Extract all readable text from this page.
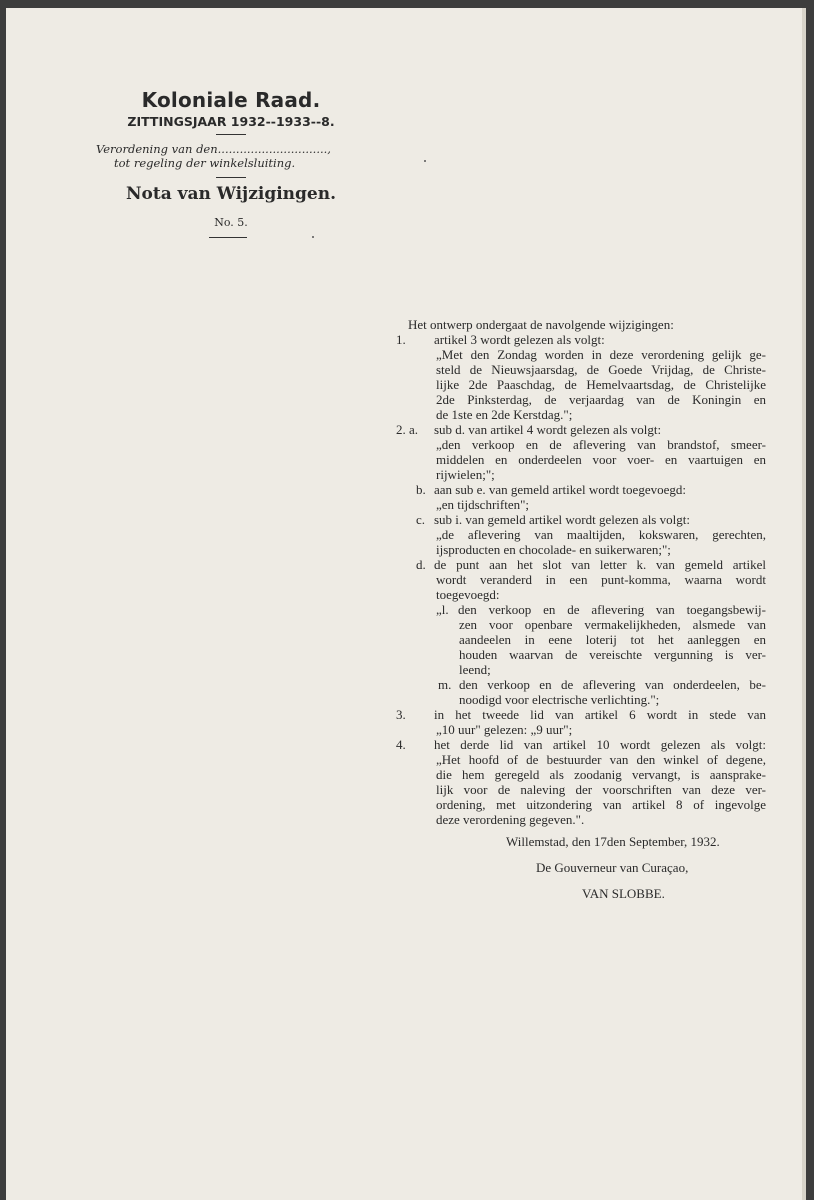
Koloniale Raad.
ZITTINGSJAAR 1932--1933--8.
Verordening van den..............................,
tot regeling der winkelsluiting.
Nota van Wijzigingen.
No. 5.
Het ontwerp ondergaat de navolgende wijzigingen:
1. artikel 3 wordt gelezen als volgt:
„Met den Zondag worden in deze verordening gelijk ge-
steld de Nieuwsjaarsdag, de Goede Vrijdag, de Christe-
lijke 2de Paaschdag, de Hemelvaartsdag, de Christelijke
2de Pinksterdag, de verjaardag van de Koningin en
de 1ste en 2de Kerstdag.";
2. a. sub d. van artikel 4 wordt gelezen als volgt:
„den verkoop en de aflevering van brandstof, smeer-
middelen en onderdeelen voor voer- en vaartuigen en
rijwielen;";
b. aan sub e. van gemeld artikel wordt toegevoegd:
„en tijdschriften";
c. sub i. van gemeld artikel wordt gelezen als volgt:
„de aflevering van maaltijden, kokswaren, gerechten,
ijsproducten en chocolade- en suikerwaren;";
d. de punt aan het slot van letter k. van gemeld artikel
wordt veranderd in een punt-komma, waarna wordt
toegevoegd:
„l. den verkoop en de aflevering van toegangsbewij-
zen voor openbare vermakelijkheden, alsmede van
aandeelen in eene loterij tot het aanleggen en
houden waarvan de vereischte vergunning is ver-
leend;
m. den verkoop en de aflevering van onderdeelen, be-
noodigd voor electrische verlichting.";
3. in het tweede lid van artikel 6 wordt in stede van
„10 uur" gelezen: „9 uur";
4. het derde lid van artikel 10 wordt gelezen als volgt:
„Het hoofd of de bestuurder van den winkel of degene,
die hem geregeld als zoodanig vervangt, is aansprake-
lijk voor de naleving der voorschriften van deze ver-
ordening, met uitzondering van artikel 8 of ingevolge
deze verordening gegeven.".
Willemstad, den 17den September, 1932.
De Gouverneur van Curaçao,
VAN SLOBBE.
